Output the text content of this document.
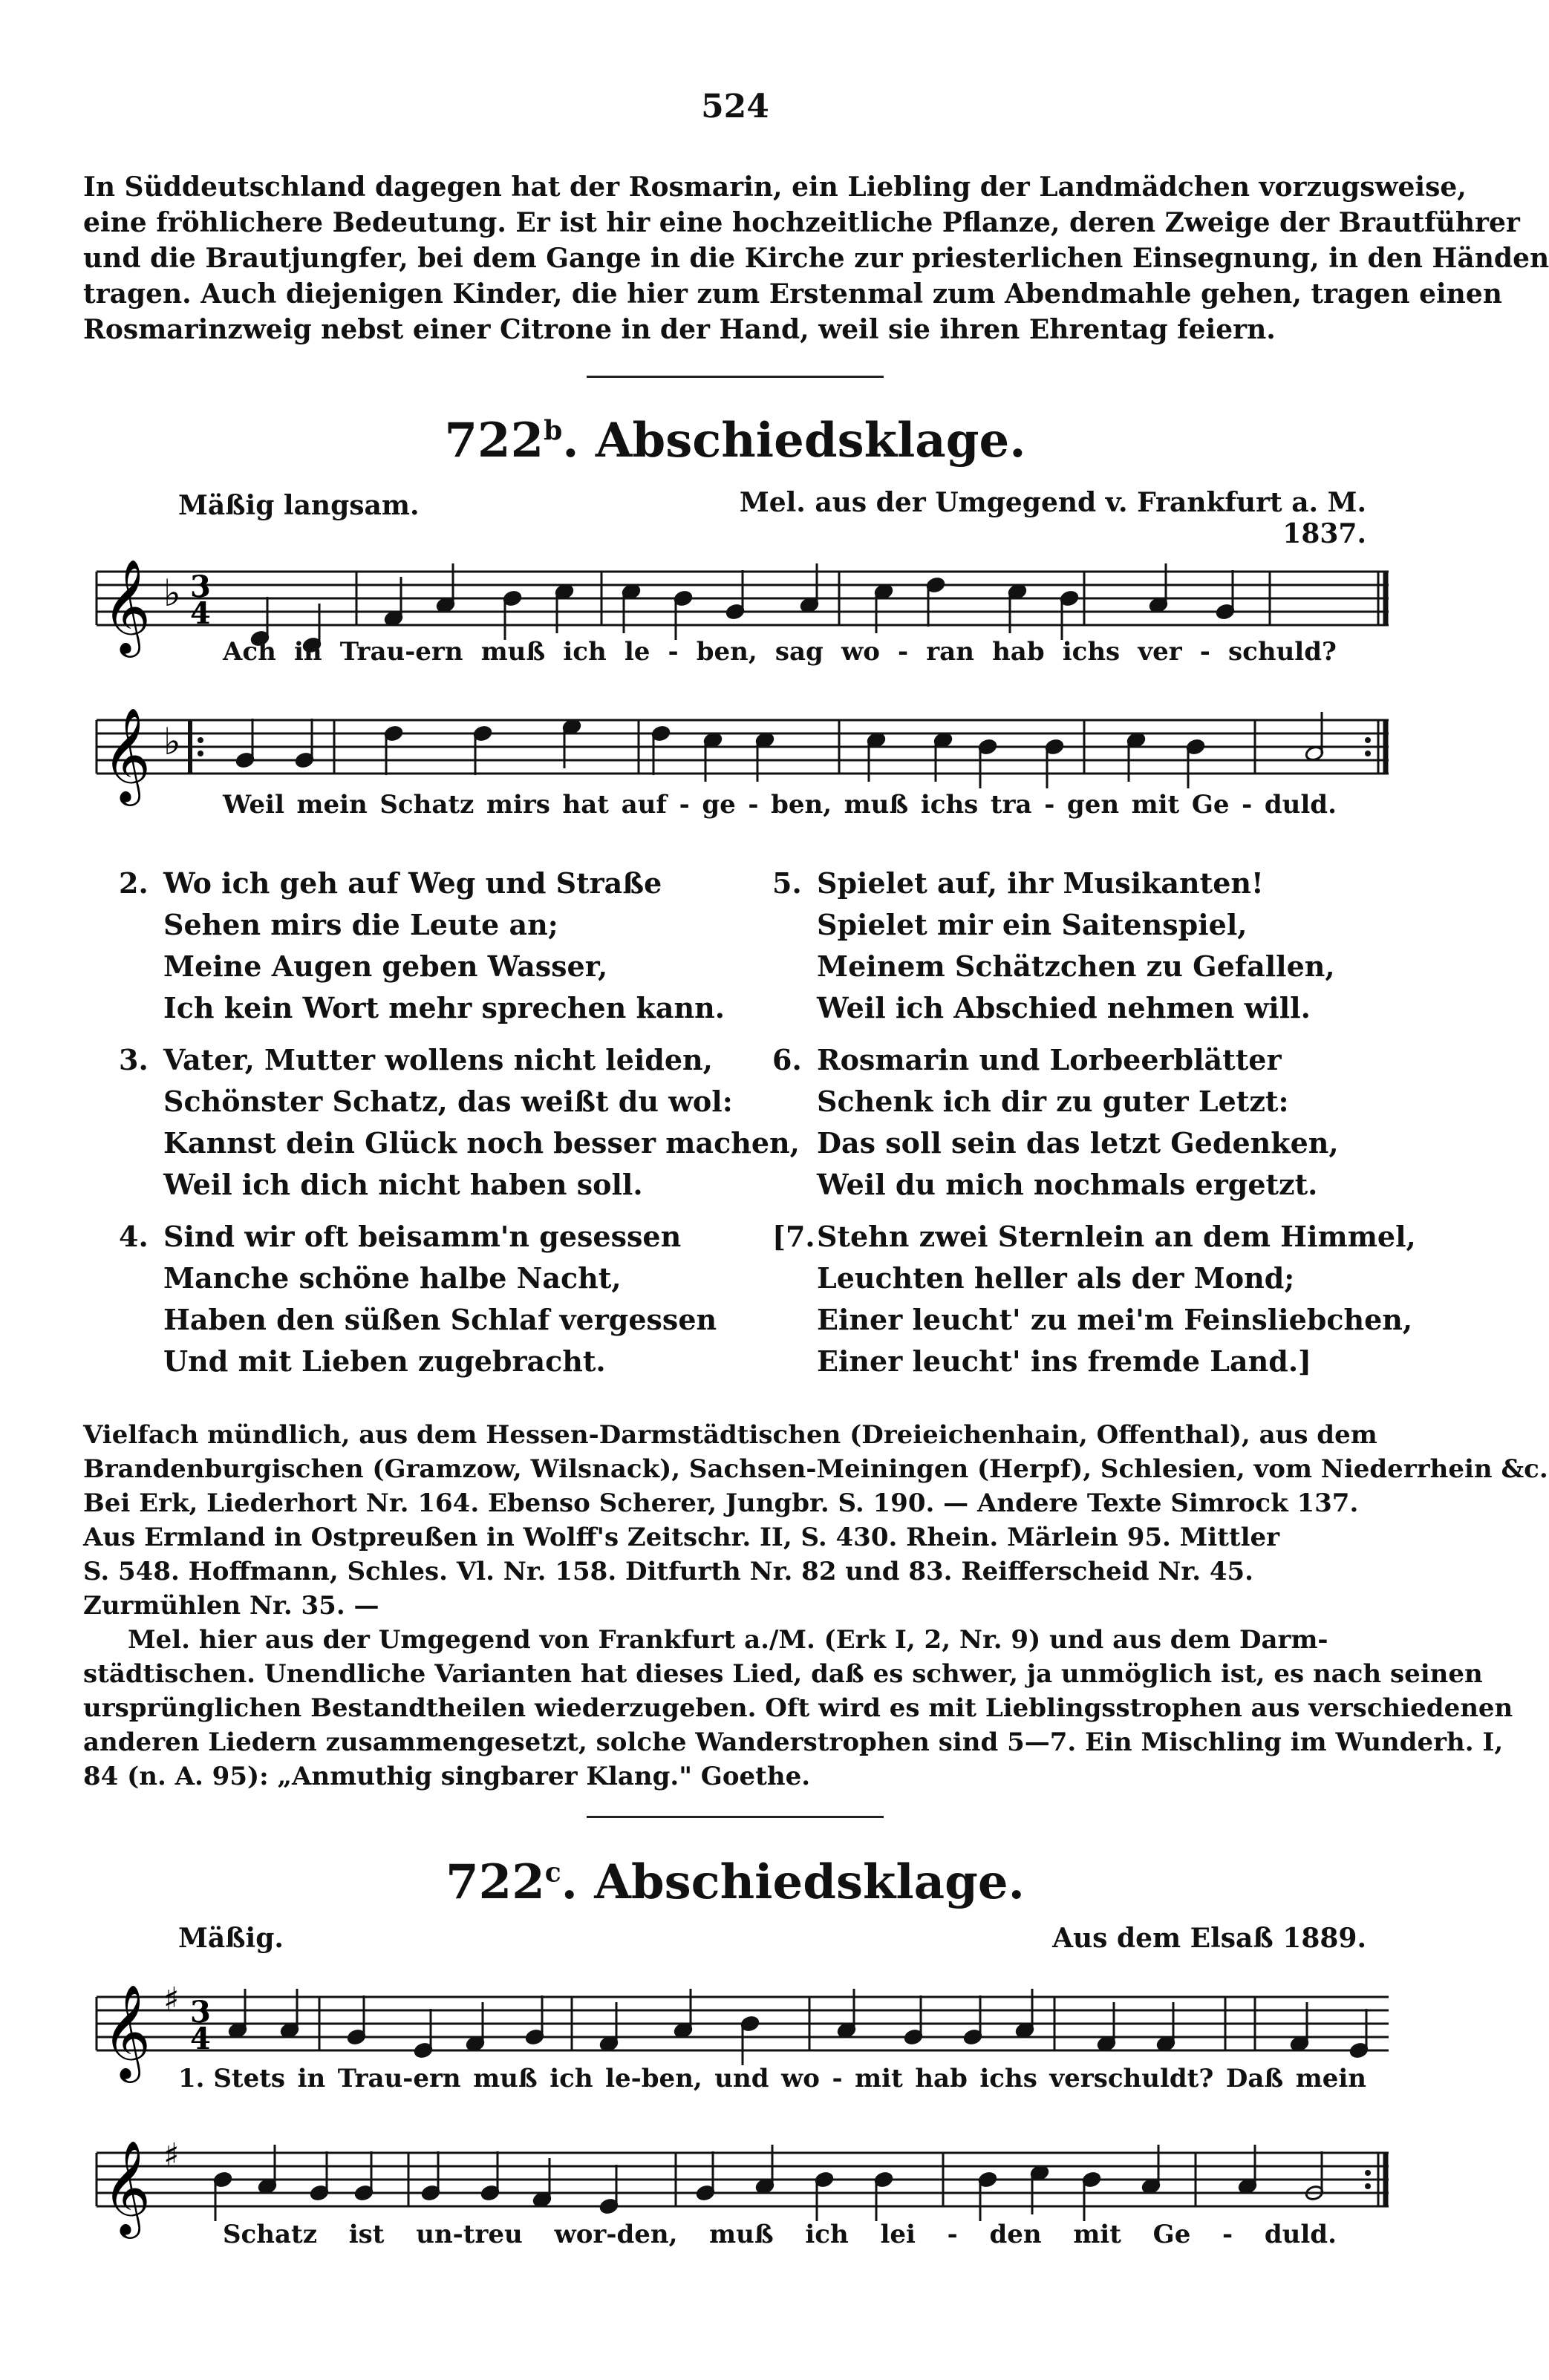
524
In Süddeutschland dagegen hat der Rosmarin, ein Liebling der Landmädchen vorzugsweise,
eine fröhlichere Bedeutung. Er ist hir eine hochzeitliche Pflanze, deren Zweige der Brautführer
und die Brautjungfer, bei dem Gange in die Kirche zur priesterlichen Einsegnung, in den Händen
tragen. Auch diejenigen Kinder, die hier zum Erstenmal zum Abendmahle gehen, tragen einen
Rosmarinzweig nebst einer Citrone in der Hand, weil sie ihren Ehrentag feiern.
722$^b$. Abschiedsklage.
Mäßig langsam.	Mel. aus der Umgegend v. Frankfurt a. M. 1837.
𝄞 ♭ 3
4
Ach in Trau-ern muß ich le - ben, sag wo - ran hab ichs ver - schuld?
𝄞 ♭
Weil mein Schatz mirs hat auf - ge - ben, muß ichs tra - gen mit Ge - duld.
2. Wo ich geh auf Weg und Straße
Sehen mirs die Leute an;
Meine Augen geben Wasser,
Ich kein Wort mehr sprechen kann.
3. Vater, Mutter wollens nicht leiden,
Schönster Schatz, das weißt du wol:
Kannst dein Glück noch besser machen,
Weil ich dich nicht haben soll.
4. Sind wir oft beisamm'n gesessen
Manche schöne halbe Nacht,
Haben den süßen Schlaf vergessen
Und mit Lieben zugebracht.
5. Spielet auf, ihr Musikanten!
Spielet mir ein Saitenspiel,
Meinem Schätzchen zu Gefallen,
Weil ich Abschied nehmen will.
6. Rosmarin und Lorbeerblätter
Schenk ich dir zu guter Letzt:
Das soll sein das letzt Gedenken,
Weil du mich nochmals ergetzt.
[7. Stehn zwei Sternlein an dem Himmel,
Leuchten heller als der Mond;
Einer leucht' zu mei'm Feinsliebchen,
Einer leucht' ins fremde Land.]
Vielfach mündlich, aus dem Hessen-Darmstädtischen (Dreieichenhain, Offenthal), aus dem
Brandenburgischen (Gramzow, Wilsnack), Sachsen-Meiningen (Herpf), Schlesien, vom Niederrhein &c.
Bei Erk, Liederhort Nr. 164. Ebenso Scherer, Jungbr. S. 190. — Andere Texte Simrock 137.
Aus Ermland in Ostpreußen in Wolff's Zeitschr. II, S. 430. Rhein. Märlein 95. Mittler
S. 548. Hoffmann, Schles. Vl. Nr. 158. Ditfurth Nr. 82 und 83. Reifferscheid Nr. 45.
Zurmühlen Nr. 35. —
Mel. hier aus der Umgegend von Frankfurt a./M. (Erk I, 2, Nr. 9) und aus dem Darm-
städtischen. Unendliche Varianten hat dieses Lied, daß es schwer, ja unmöglich ist, es nach seinen
ursprünglichen Bestandtheilen wiederzugeben. Oft wird es mit Lieblingsstrophen aus verschiedenen
anderen Liedern zusammengesetzt, solche Wanderstrophen sind 5—7. Ein Mischling im Wunderh. I,
84 (n. A. 95): „Anmuthig singbarer Klang." Goethe.
722$^c$. Abschiedsklage.
Mäßig.	Aus dem Elsaß 1889.
𝄞 ♯ 3
4
1. Stets in Trau-ern muß ich le-ben, und wo - mit hab ichs verschuldt? Daß mein
𝄞 ♯
Schatz ist un-treu wor-den, muß ich lei - den mit Ge - duld.
